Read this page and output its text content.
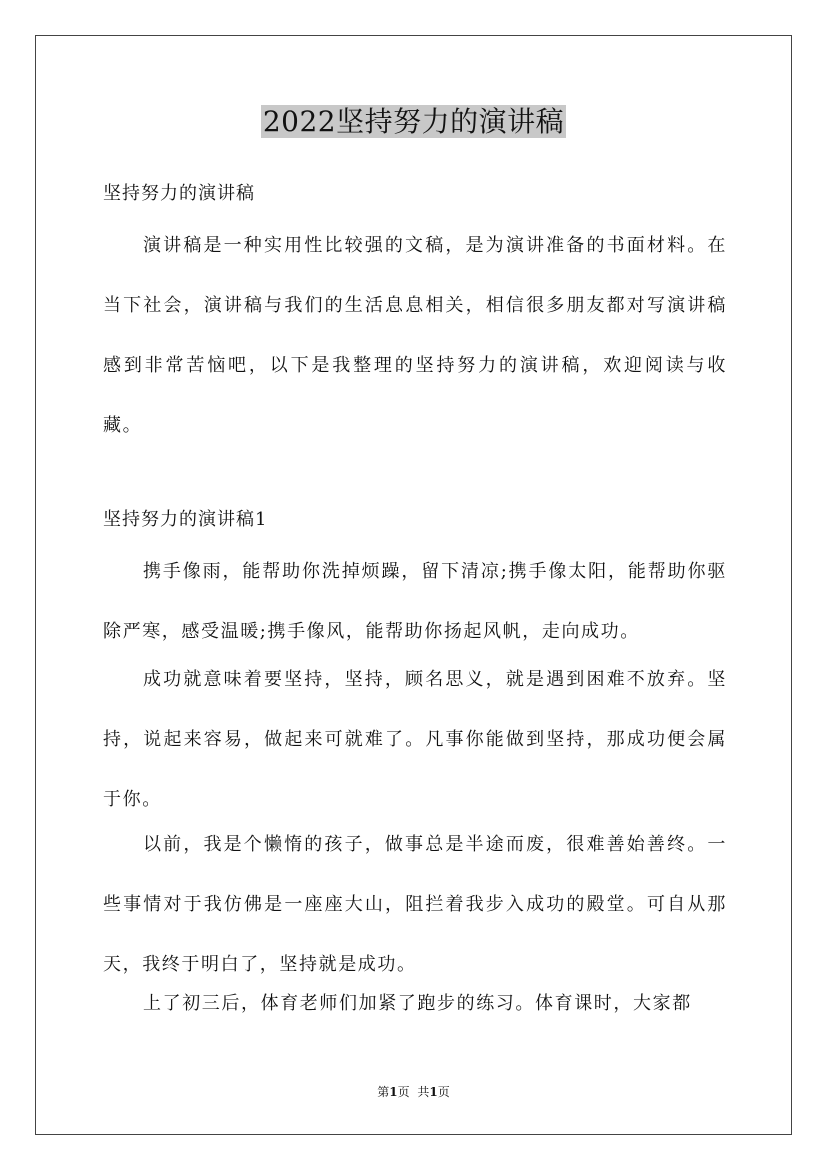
2022坚持努力的演讲稿
坚持努力的演讲稿

演讲稿是一种实用性比较强的文稿，是为演讲准备的书面材料。在当下社会，演讲稿与我们的生活息息相关，相信很多朋友都对写演讲稿感到非常苦恼吧，以下是我整理的坚持努力的演讲稿，欢迎阅读与收藏。

坚持努力的演讲稿1

携手像雨，能帮助你洗掉烦躁，留下清凉;携手像太阳，能帮助你驱除严寒，感受温暖;携手像风，能帮助你扬起风帆，走向成功。

成功就意味着要坚持，坚持，顾名思义，就是遇到困难不放弃。坚持，说起来容易，做起来可就难了。凡事你能做到坚持，那成功便会属于你。

以前，我是个懒惰的孩子，做事总是半途而废，很难善始善终。一些事情对于我仿佛是一座座大山，阻拦着我步入成功的殿堂。可自从那天，我终于明白了，坚持就是成功。

上了初三后，体育老师们加紧了跑步的练习。体育课时，大家都

第1页 共1页
